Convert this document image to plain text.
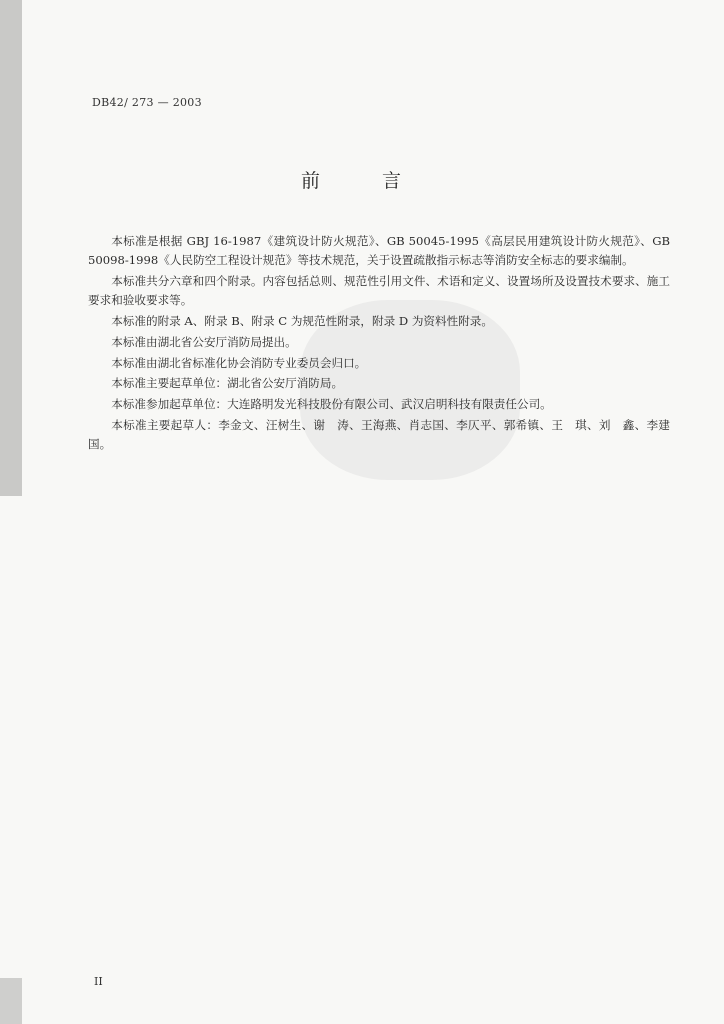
DB42/ 273 — 2003
前言

本标准是根据 GBJ 16-1987《建筑设计防火规范》、GB 50045-1995《高层民用建筑设计防火规范》、GB 50098-1998《人民防空工程设计规范》等技术规范，关于设置疏散指示标志等消防安全标志的要求编制。

本标准共分六章和四个附录。内容包括总则、规范性引用文件、术语和定义、设置场所及设置技术要求、施工要求和验收要求等。

本标准的附录 A、附录 B、附录 C 为规范性附录，附录 D 为资料性附录。

本标准由湖北省公安厅消防局提出。

本标准由湖北省标准化协会消防专业委员会归口。

本标准主要起草单位：湖北省公安厅消防局。

本标准参加起草单位：大连路明发光科技股份有限公司、武汉启明科技有限责任公司。

本标准主要起草人：李金文、汪树生、谢　涛、王海燕、肖志国、李仄平、郭希镇、王　琪、刘　鑫、李建国。

II
